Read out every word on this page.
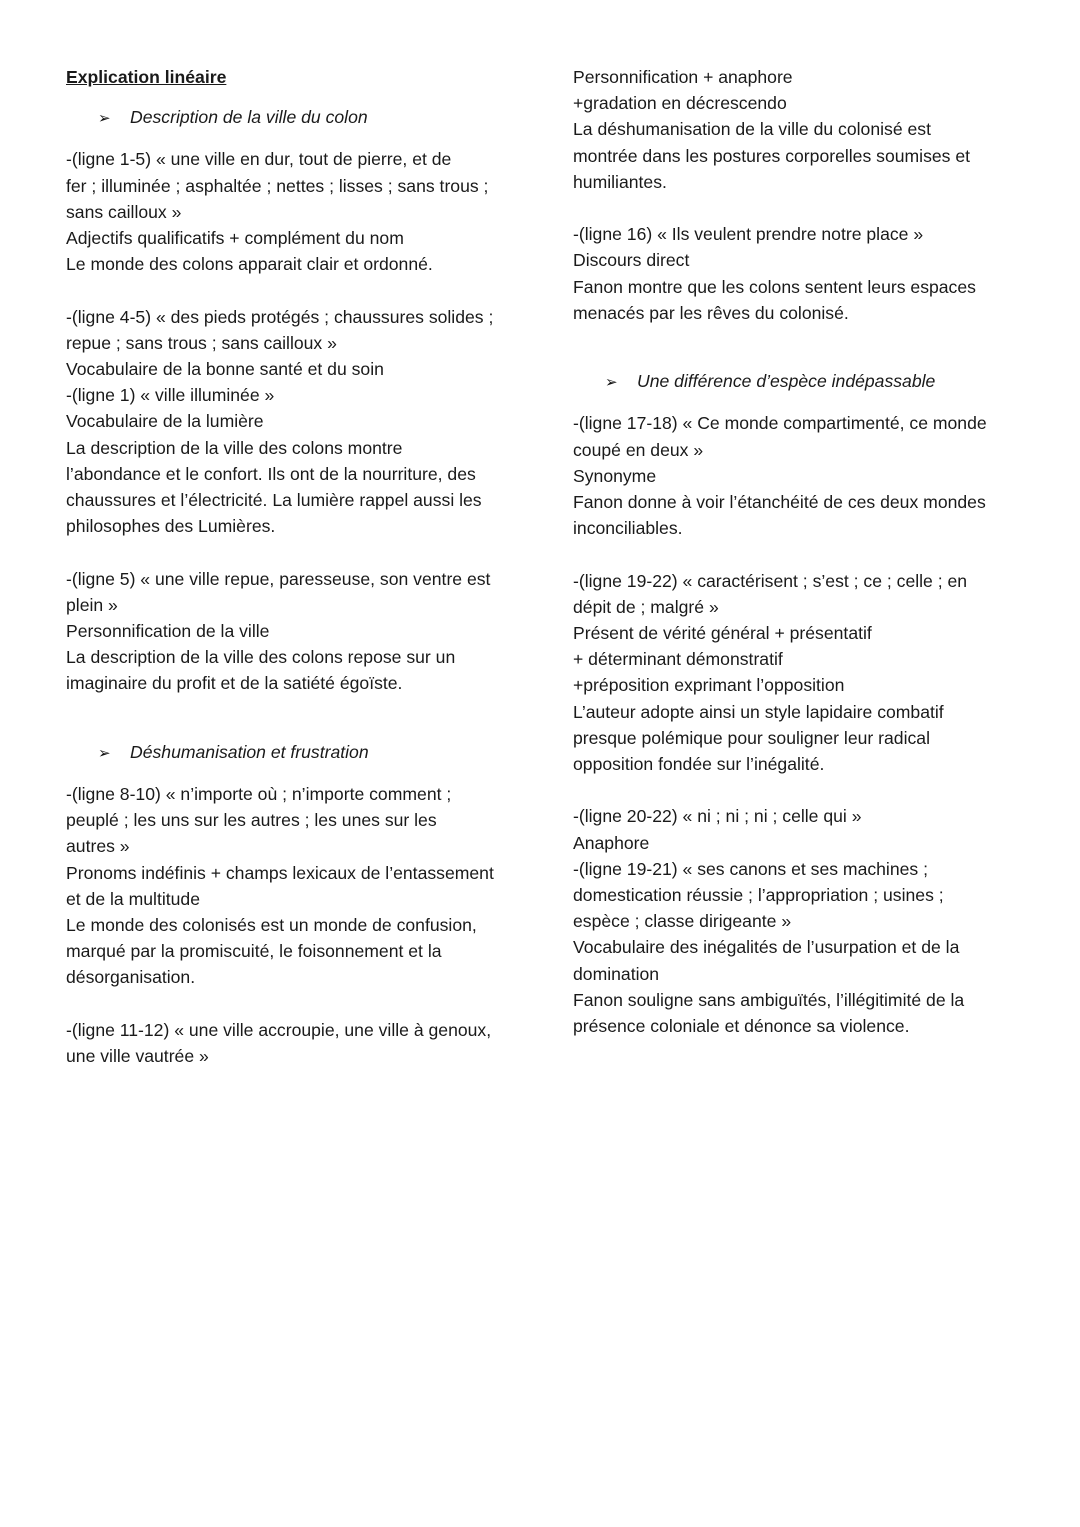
Explication linéaire
➢ Description de la ville du colon
-(ligne 1-5) « une ville en dur, tout de pierre, et de
fer ; illuminée ; asphaltée ; nettes ; lisses ; sans trous ;
sans cailloux »
Adjectifs qualificatifs + complément du nom
Le monde des colons apparait clair et ordonné.
-(ligne 4-5) « des pieds protégés ; chaussures solides ;
repue ; sans trous ; sans cailloux »
Vocabulaire de la bonne santé et du soin
-(ligne 1) « ville illuminée »
Vocabulaire de la lumière
La description de la ville des colons montre
l’abondance et le confort. Ils ont de la nourriture, des
chaussures et l’électricité. La lumière rappel aussi les
philosophes des Lumières.
-(ligne 5) « une ville repue, paresseuse, son ventre est
plein »
Personnification de la ville
La description de la ville des colons repose sur un
imaginaire du profit et de la satiété égoïste.
➢ Déshumanisation et frustration
-(ligne 8-10) « n’importe où ; n’importe comment ;
peuplé ; les uns sur les autres ; les unes sur les
autres »
Pronoms indéfinis + champs lexicaux de l’entassement
et de la multitude
Le monde des colonisés est un monde de confusion,
marqué par la promiscuité, le foisonnement et la
désorganisation.
-(ligne 11-12) « une ville accroupie, une ville à genoux,
une ville vautrée »
Personnification + anaphore
+gradation en décrescendo
La déshumanisation de la ville du colonisé est
montrée dans les postures corporelles soumises et
humiliantes.
-(ligne 16) « Ils veulent prendre notre place »
Discours direct
Fanon montre que les colons sentent leurs espaces
menacés par les rêves du colonisé.
➢ Une différence d’espèce indépassable
-(ligne 17-18) « Ce monde compartimenté, ce monde
coupé en deux »
Synonyme
Fanon donne à voir l’étanchéité de ces deux mondes
inconciliables.
-(ligne 19-22) « caractérisent ; s’est ; ce ; celle ; en
dépit de ; malgré »
Présent de vérité général + présentatif
+ déterminant démonstratif
+préposition exprimant l’opposition
L’auteur adopte ainsi un style lapidaire combatif
presque polémique pour souligner leur radical
opposition fondée sur l’inégalité.
-(ligne 20-22) « ni ; ni ; ni ; celle qui »
Anaphore
-(ligne 19-21) « ses canons et ses machines ;
domestication réussie ; l’appropriation ; usines ;
espèce ; classe dirigeante »
Vocabulaire des inégalités de l’usurpation et de la
domination
Fanon souligne sans ambiguïtés, l’illégitimité de la
présence coloniale et dénonce sa violence.
